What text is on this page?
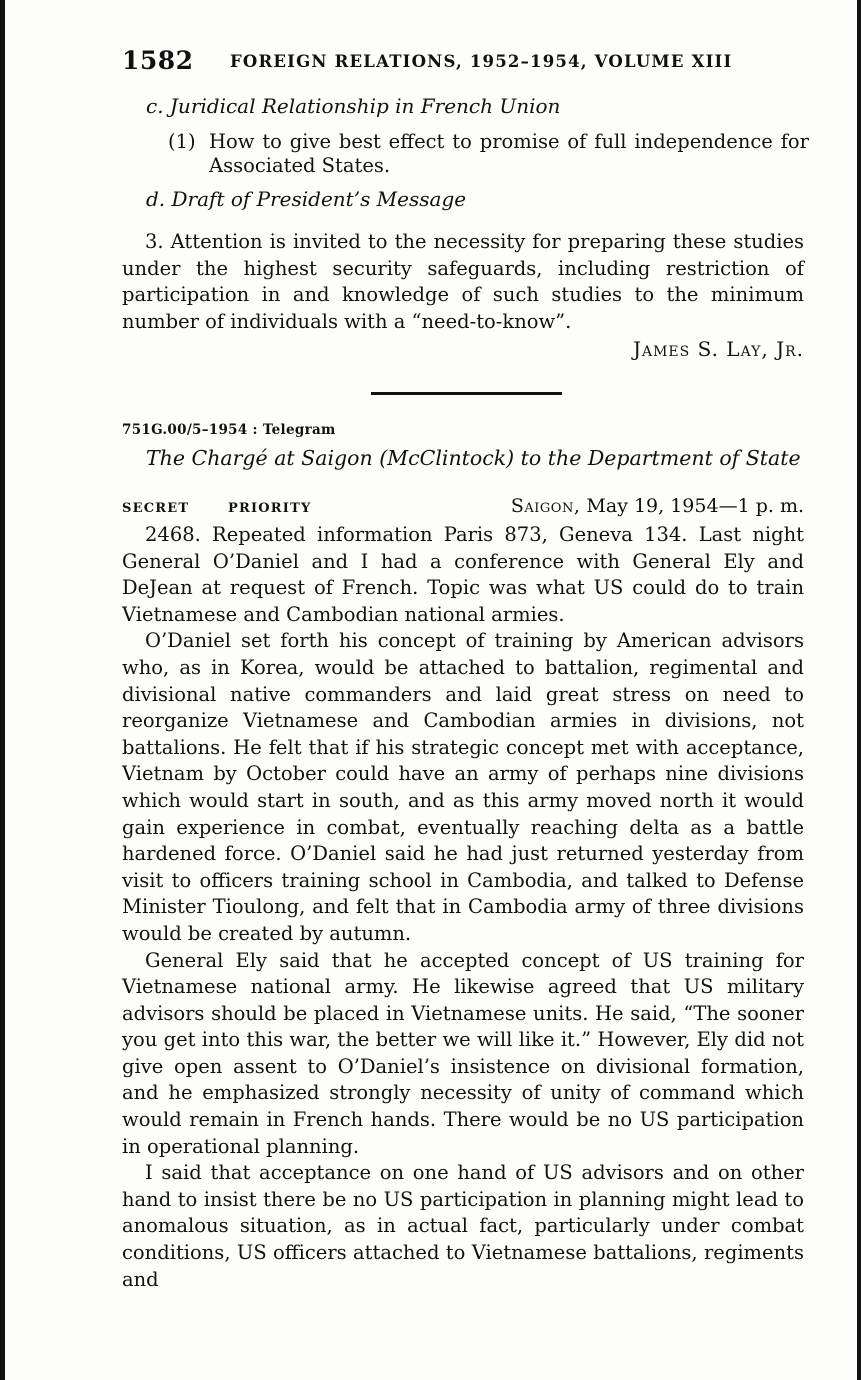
1582 FOREIGN RELATIONS, 1952–1954, VOLUME XIII
c. Juridical Relationship in French Union
(1) How to give best effect to promise of full independence for Associated States.
d. Draft of President’s Message

3. Attention is invited to the necessity for preparing these studies under the highest security safeguards, including restriction of participation in and knowledge of such studies to the minimum number of individuals with a “need-to-know”.

James S. Lay, Jr.
751G.00/5–1954 : Telegram
The Chargé at Saigon (McClintock) to the Department of State
SECRET	PRIORITY	Saigon, May 19, 1954—1 p. m.

2468. Repeated information Paris 873, Geneva 134. Last night General O’Daniel and I had a conference with General Ely and DeJean at request of French. Topic was what US could do to train Vietnamese and Cambodian national armies.

O’Daniel set forth his concept of training by American advisors who, as in Korea, would be attached to battalion, regimental and divisional native commanders and laid great stress on need to reorganize Vietnamese and Cambodian armies in divisions, not battalions. He felt that if his strategic concept met with acceptance, Vietnam by October could have an army of perhaps nine divisions which would start in south, and as this army moved north it would gain experience in combat, eventually reaching delta as a battle hardened force. O’Daniel said he had just returned yesterday from visit to officers training school in Cambodia, and talked to Defense Minister Tioulong, and felt that in Cambodia army of three divisions would be created by autumn.

General Ely said that he accepted concept of US training for Vietnamese national army. He likewise agreed that US military advisors should be placed in Vietnamese units. He said, “The sooner you get into this war, the better we will like it.” However, Ely did not give open assent to O’Daniel’s insistence on divisional formation, and he emphasized strongly necessity of unity of command which would remain in French hands. There would be no US participation in operational planning.

I said that acceptance on one hand of US advisors and on other hand to insist there be no US participation in planning might lead to anomalous situation, as in actual fact, particularly under combat conditions, US officers attached to Vietnamese battalions, regiments and
